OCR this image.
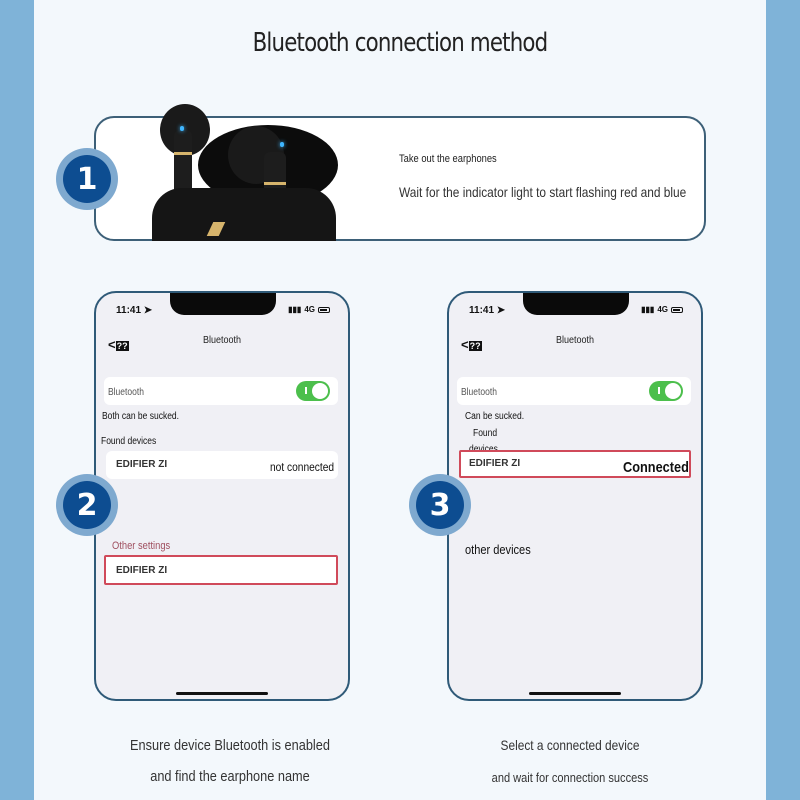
Bluetooth connection method
Take out the earphones
Wait for the indicator light to start flashing red and blue
1
11:41 ➤	▮▮▮ 4G
<??	Bluetooth
Bluetooth
Both can be sucked.
Found devices
EDIFIER ZI	not connected
Other settings
EDIFIER ZI
2
11:41 ➤	▮▮▮ 4G
<??	Bluetooth
Bluetooth
Can be sucked.
Found
EDIFIER ZI	Connected
other devices
3
Ensure device Bluetooth is enabled
and find the earphone name
Select a connected device
and wait for connection success
